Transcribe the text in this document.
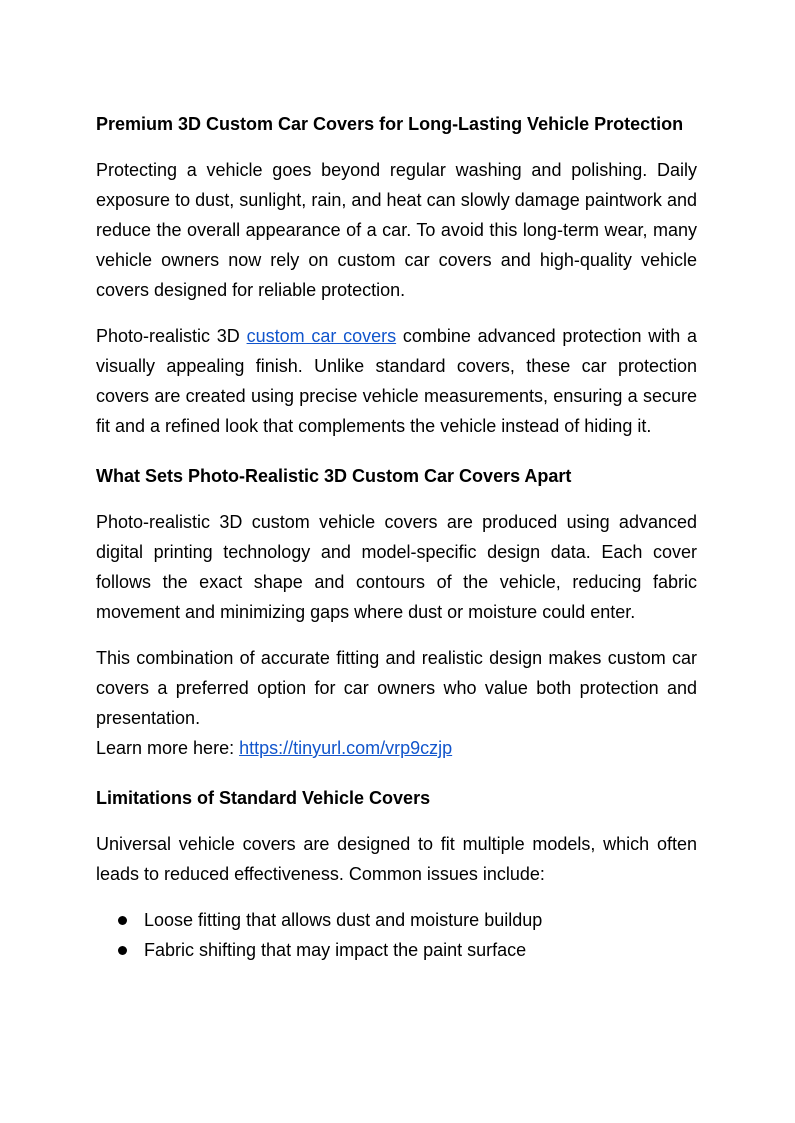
Premium 3D Custom Car Covers for Long-Lasting Vehicle Protection

Protecting a vehicle goes beyond regular washing and polishing. Daily exposure to dust, sunlight, rain, and heat can slowly damage paintwork and reduce the overall appearance of a car. To avoid this long-term wear, many vehicle owners now rely on custom car covers and high-quality vehicle covers designed for reliable protection.

Photo-realistic 3D custom car covers combine advanced protection with a visually appealing finish. Unlike standard covers, these car protection covers are created using precise vehicle measurements, ensuring a secure fit and a refined look that complements the vehicle instead of hiding it.

What Sets Photo-Realistic 3D Custom Car Covers Apart

Photo-realistic 3D custom vehicle covers are produced using advanced digital printing technology and model-specific design data. Each cover follows the exact shape and contours of the vehicle, reducing fabric movement and minimizing gaps where dust or moisture could enter.

This combination of accurate fitting and realistic design makes custom car covers a preferred option for car owners who value both protection and presentation.

Learn more here: https://tinyurl.com/vrp9czjp

Limitations of Standard Vehicle Covers

Universal vehicle covers are designed to fit multiple models, which often leads to reduced effectiveness. Common issues include:

Loose fitting that allows dust and moisture buildup
Fabric shifting that may impact the paint surface
